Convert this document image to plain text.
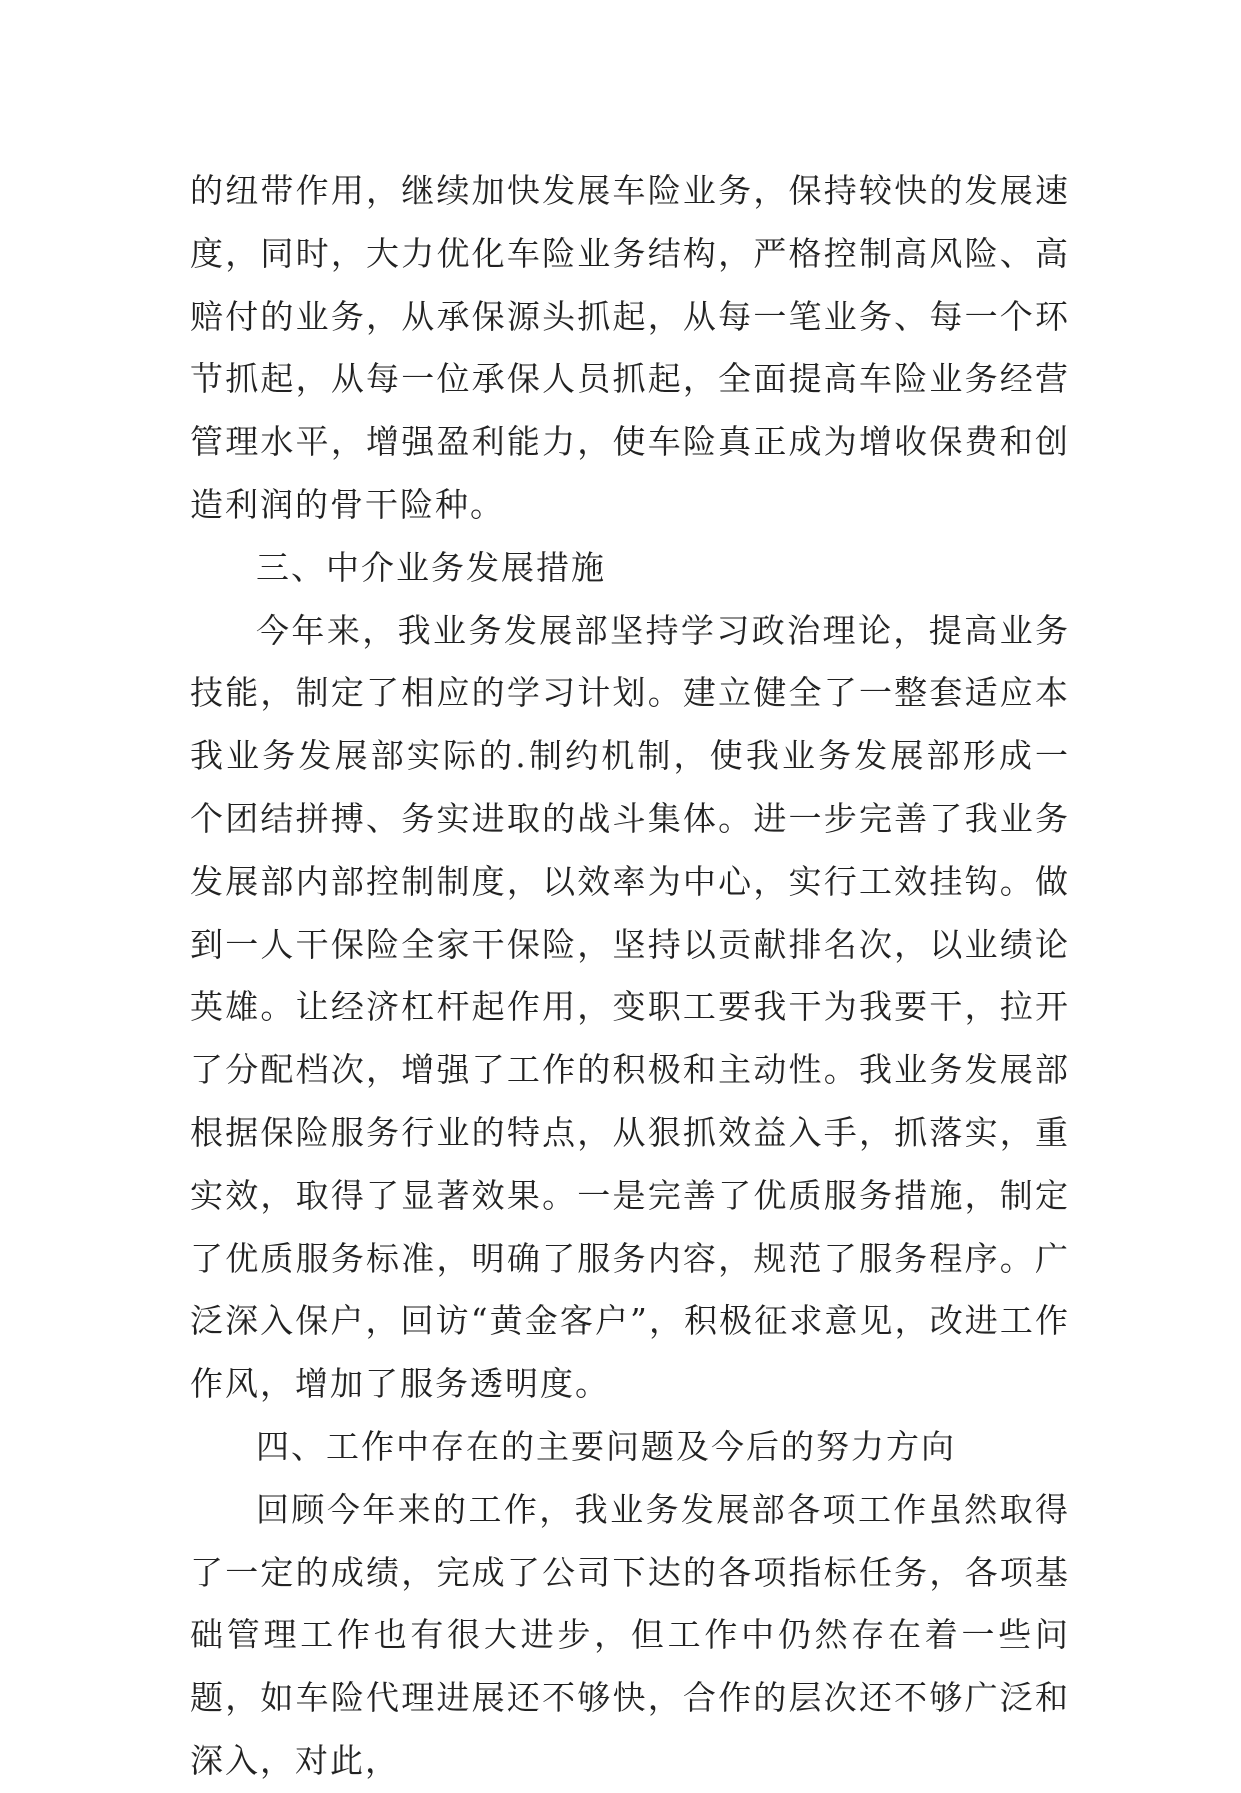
的纽带作用，继续加快发展车险业务，保持较快的发展速度，同时，大力优化车险业务结构，严格控制高风险、高赔付的业务，从承保源头抓起，从每一笔业务、每一个环节抓起，从每一位承保人员抓起，全面提高车险业务经营管理水平，增强盈利能力，使车险真正成为增收保费和创造利润的骨干险种。

三、中介业务发展措施

今年来，我业务发展部坚持学习政治理论，提高业务技能，制定了相应的学习计划。建立健全了一整套适应本我业务发展部实际的.制约机制，使我业务发展部形成一个团结拼搏、务实进取的战斗集体。进一步完善了我业务发展部内部控制制度，以效率为中心，实行工效挂钩。做到一人干保险全家干保险，坚持以贡献排名次，以业绩论英雄。让经济杠杆起作用，变职工要我干为我要干，拉开了分配档次，增强了工作的积极和主动性。我业务发展部根据保险服务行业的特点，从狠抓效益入手，抓落实，重实效，取得了显著效果。一是完善了优质服务措施，制定了优质服务标准，明确了服务内容，规范了服务程序。广泛深入保户，回访“黄金客户”，积极征求意见，改进工作作风，增加了服务透明度。

四、工作中存在的主要问题及今后的努力方向

回顾今年来的工作，我业务发展部各项工作虽然取得了一定的成绩，完成了公司下达的各项指标任务，各项基础管理工作也有很大进步，但工作中仍然存在着一些问题，如车险代理进展还不够快，合作的层次还不够广泛和深入，对此，
